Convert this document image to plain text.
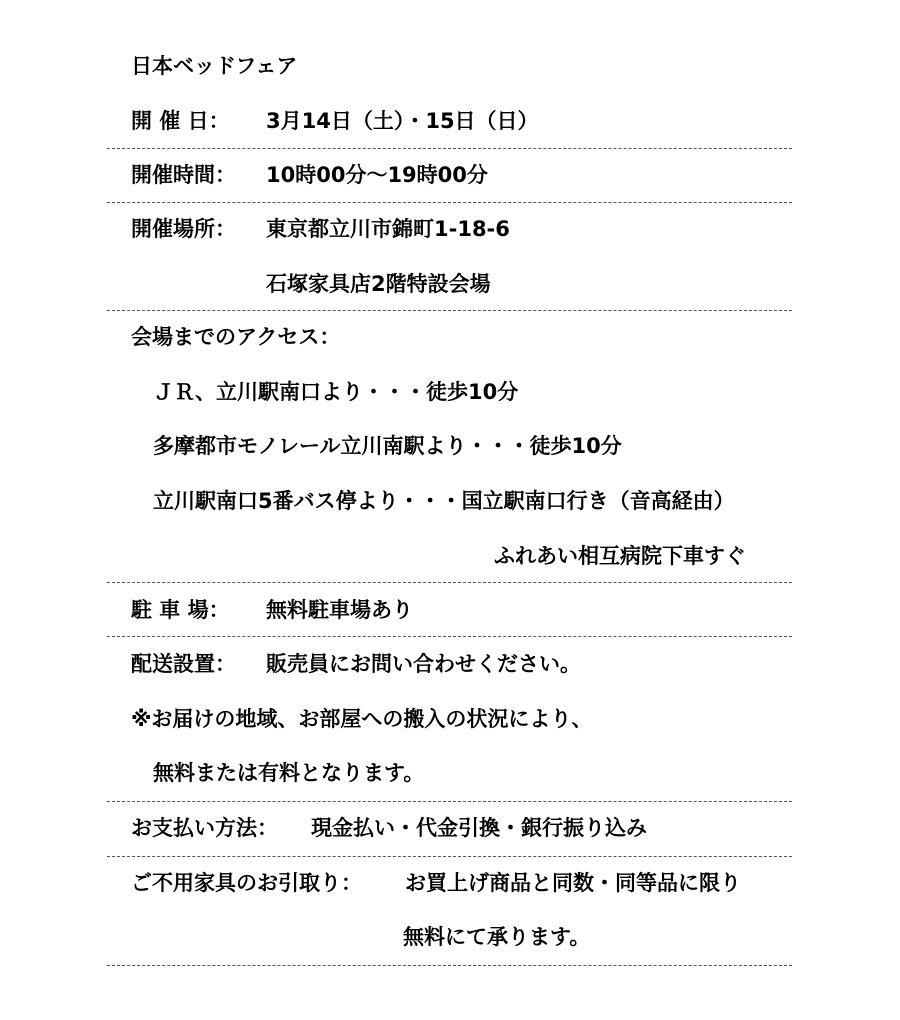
日本ベッドフェア
開 催 日： 3月14日（土）・15日（日）
開催時間： 10時00分～19時00分
開催場所： 東京都立川市錦町1-18-6
石塚家具店2階特設会場
会場までのアクセス：
ＪＲ、立川駅南口より・・・徒歩10分
多摩都市モノレール立川南駅より・・・徒歩10分
立川駅南口5番バス停より・・・国立駅南口行き（音高経由）
ふれあい相互病院下車すぐ
駐 車 場： 無料駐車場あり
配送設置： 販売員にお問い合わせください。
※お届けの地域、お部屋への搬入の状況により、
無料または有料となります。
お支払い方法： 現金払い・代金引換・銀行振り込み
ご不用家具のお引取り： お買上げ商品と同数・同等品に限り
無料にて承ります。
